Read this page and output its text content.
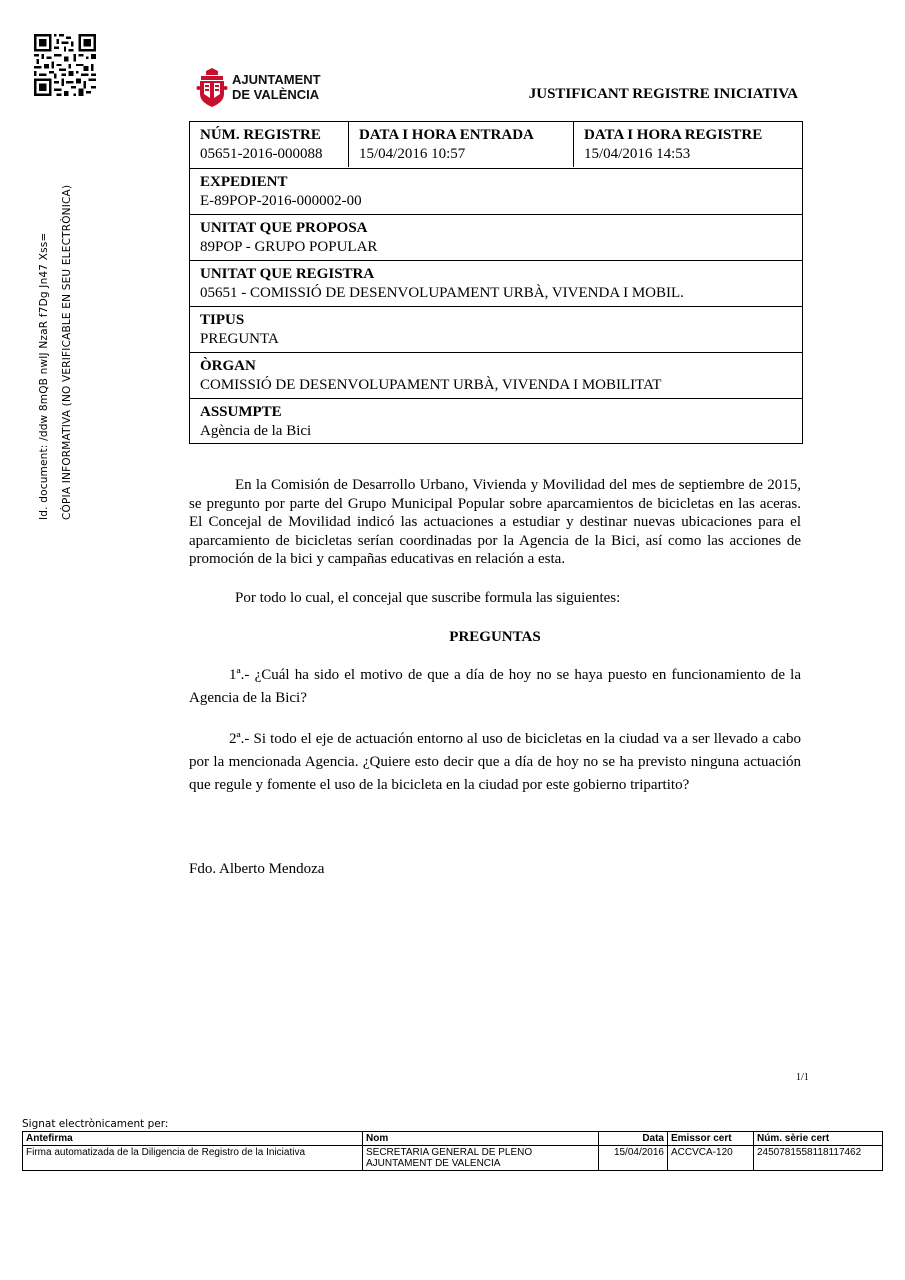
AJUNTAMENT
DE VALÈNCIA	JUSTIFICANT REGISTRE INICIATIVA
Id. document: /ddw 8mQB nwIJ NzaR f7Dg Jn47 Xss= CÒPIA INFORMATIVA (NO VERIFICABLE EN SEU ELECTRÒNICA)
NÚM. REGISTRE
05651-2016-000088
DATA I HORA ENTRADA
15/04/2016 10:57
DATA I HORA REGISTRE
15/04/2016 14:53
EXPEDIENT
E-89POP-2016-000002-00
UNITAT QUE PROPOSA
89POP - GRUPO POPULAR
UNITAT QUE REGISTRA
05651 - COMISSIÓ DE DESENVOLUPAMENT URBÀ, VIVENDA I MOBIL.
TIPUS
PREGUNTA
ÒRGAN
COMISSIÓ DE DESENVOLUPAMENT URBÀ, VIVENDA I MOBILITAT
ASSUMPTE
Agència de la Bici

En la Comisión de Desarrollo Urbano, Vivienda y Movilidad del mes de septiembre de 2015, se pregunto por parte del Grupo Municipal Popular sobre aparcamientos de bicicletas en las aceras. El Concejal de Movilidad indicó las actuaciones a estudiar y destinar nuevas ubicaciones para el aparcamiento de bicicletas serían coordinadas por la Agencia de la Bici, así como las acciones de promoción de la bici y campañas educativas en relación a esta.

Por todo lo cual, el concejal que suscribe formula las siguientes:

PREGUNTAS

1ª.- ¿Cuál ha sido el motivo de que a día de hoy no se haya puesto en funcionamiento de la Agencia de la Bici?

2ª.- Si todo el eje de actuación entorno al uso de bicicletas en la ciudad va a ser llevado a cabo por la mencionada Agencia. ¿Quiere esto decir que a día de hoy no se ha previsto ninguna actuación que regule y fomente el uso de la bicicleta en la ciudad por este gobierno tripartito?

Fdo. Alberto Mendoza
1/1
Signat electrònicament per:
Antefirma	Nom	Data	Emissor cert	Núm. sèrie cert
Firma automatizada de la Diligencia de Registro de la Iniciativa	SECRETARIA GENERAL DE PLENO
AJUNTAMENT DE VALENCIA	15/04/2016	ACCVCA-120	2450781558118117462
